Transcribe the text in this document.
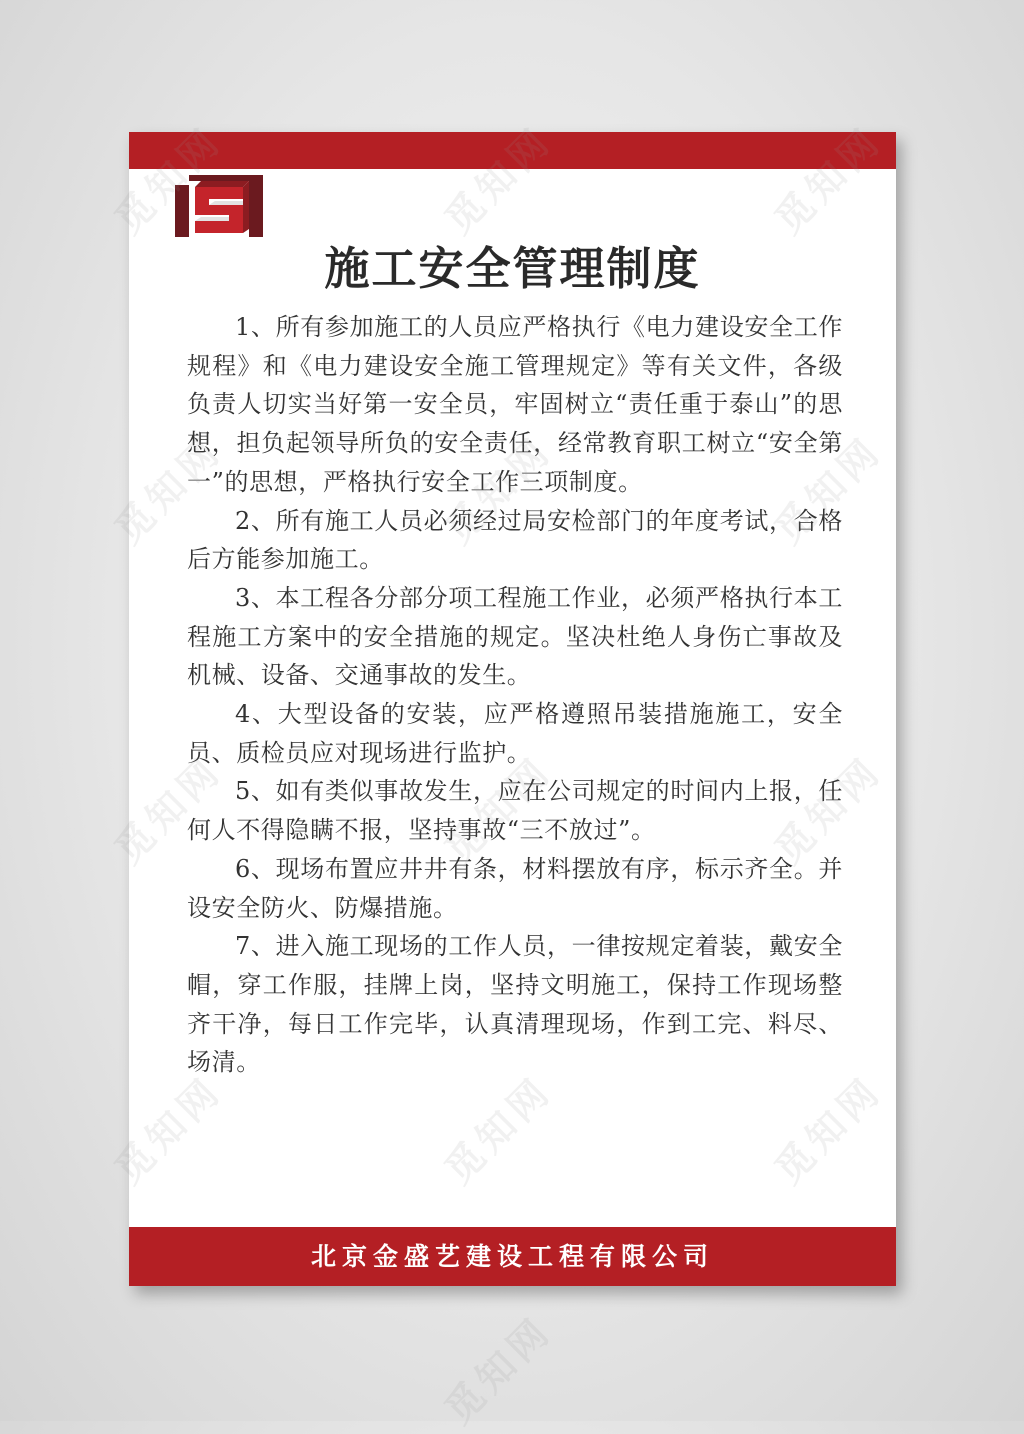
施工安全管理制度

1、所有参加施工的人员应严格执行《电力建设安全工作规程》和《电力建设安全施工管理规定》等有关文件，各级负责人切实当好第一安全员，牢固树立“责任重于泰山”的思想，担负起领导所负的安全责任，经常教育职工树立“安全第一”的思想，严格执行安全工作三项制度。

2、所有施工人员必须经过局安检部门的年度考试，合格后方能参加施工。

3、本工程各分部分项工程施工作业，必须严格执行本工程施工方案中的安全措施的规定。坚决杜绝人身伤亡事故及机械、设备、交通事故的发生。

4、大型设备的安装，应严格遵照吊装措施施工，安全员、质检员应对现场进行监护。

5、如有类似事故发生，应在公司规定的时间内上报，任何人不得隐瞒不报，坚持事故“三不放过”。

6、现场布置应井井有条，材料摆放有序，标示齐全。并设安全防火、防爆措施。

7、进入施工现场的工作人员，一律按规定着装，戴安全帽，穿工作服，挂牌上岗，坚持文明施工，保持工作现场整齐干净，每日工作完毕，认真清理现场，作到工完、料尽、场清。

北京金盛艺建设工程有限公司
觅知网
